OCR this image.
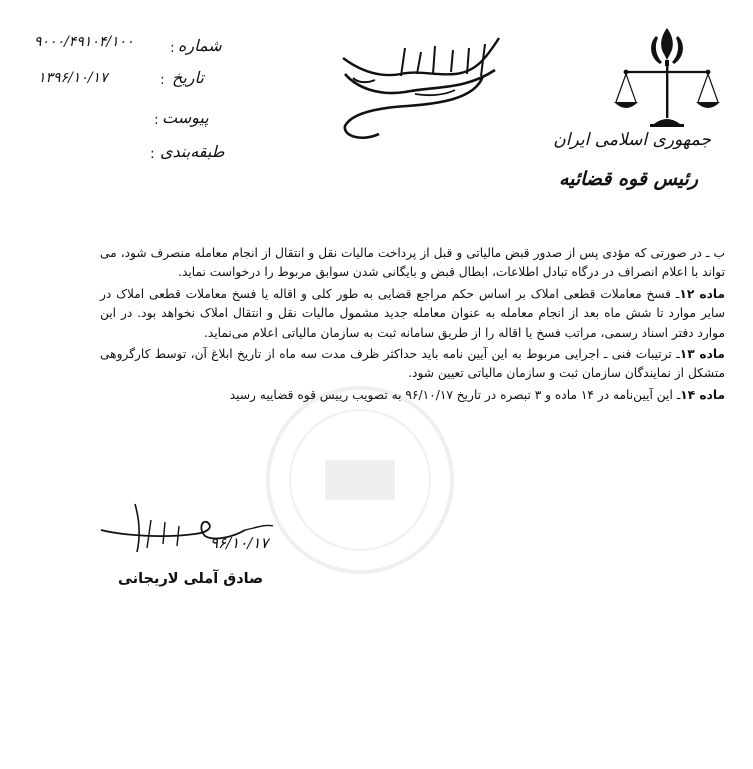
جمهوری اسلامی ایران
رئیس قوه قضائیه
شماره
:
۹۰۰۰/۴۹۱۰۴/۱۰۰
تاریخ
:
۱۳۹۶/۱۰/۱۷
پیوست
:
طبقه‌بندی
:

ب ـ در صورتی که مؤدی پس از صدور قبض مالیاتی و قبل از پرداخت مالیات نقل و انتقال از انجام معامله منصرف شود، می تواند با اعلام انصراف در درگاه تبادل اطلاعات، ابطال قبض و بایگانی شدن سوابق مربوط را درخواست نماید.

ماده ۱۲ـ فسخ معاملات قطعی املاک بر اساس حکم مراجع قضایی به طور کلی و اقاله یا فسخ معاملات قطعی املاک در سایر موارد تا شش ماه بعد از انجام معامله به عنوان معامله جدید مشمول مالیات نقل و انتقال املاک نخواهد بود. در این موارد دفتر اسناد رسمی، مراتب فسخ یا اقاله را از طریق سامانه ثبت به سازمان مالیاتی اعلام می‌نماید.

ماده ۱۳ـ ترتیبات فنی ـ اجرایی مربوط به این آیین نامه باید حداکثر ظرف مدت سه ماه از تاریخ ابلاغ آن، توسط کارگروهی متشکل از نمایندگان سازمان ثبت و سازمان مالیاتی تعیین شود.

ماده ۱۴ـ این آیین‌نامه در ۱۴ ماده و ۳ تبصره در تاریخ ۹۶/۱۰/۱۷ به تصویب رییس قوه قضاییه رسید

۹۶/۱۰/۱۷
صادق آملی لاریجانی
